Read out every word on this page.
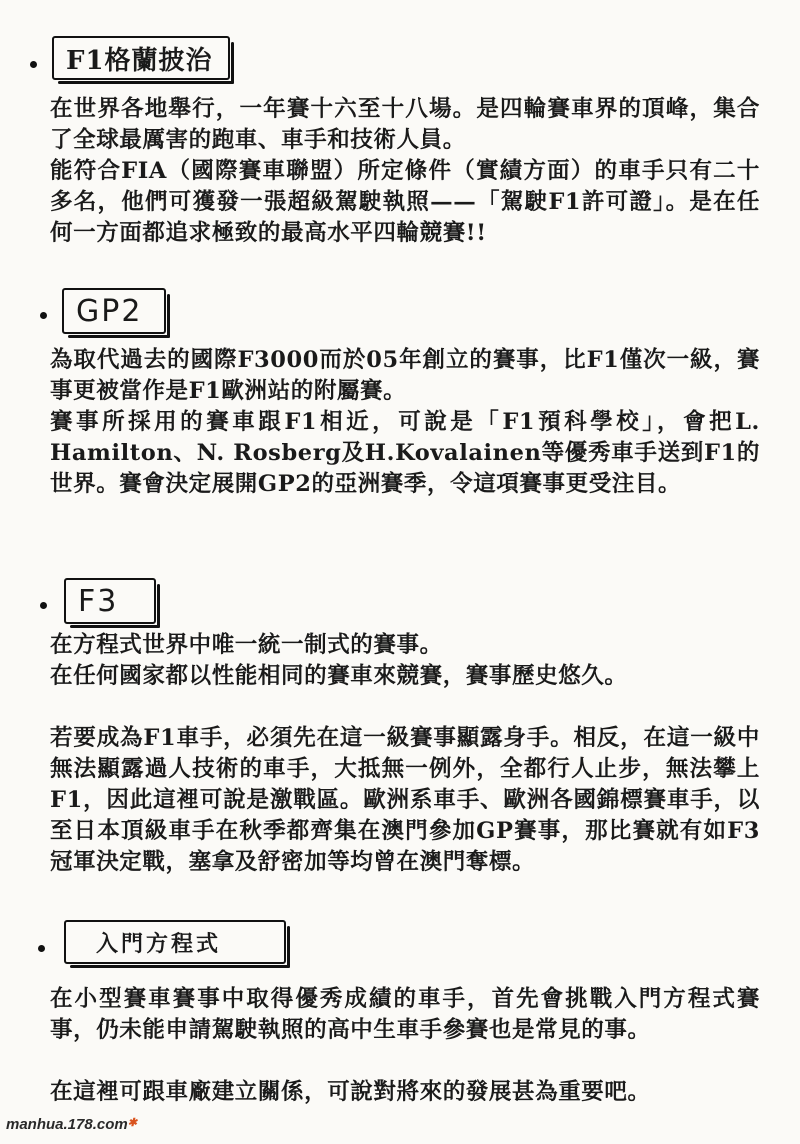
F1格蘭披治

在世界各地舉行，一年賽十六至十八場。是四輪賽車界的頂峰，集合了全球最厲害的跑車、車手和技術人員。

能符合FIA（國際賽車聯盟）所定條件（實績方面）的車手只有二十多名，他們可獲發一張超級駕駛執照——「駕駛F1許可證」。是在任何一方面都追求極致的最高水平四輪競賽!!

GP2

為取代過去的國際F3000而於05年創立的賽事，比F1僅次一級，賽事更被當作是F1歐洲站的附屬賽。

賽事所採用的賽車跟F1相近，可說是「F1預科學校」，會把L. Hamilton、N. Rosberg及H.Kovalainen等優秀車手送到F1的世界。賽會決定展開GP2的亞洲賽季，令這項賽事更受注目。

F3

在方程式世界中唯一統一制式的賽事。

在任何國家都以性能相同的賽車來競賽，賽事歷史悠久。

若要成為F1車手，必須先在這一級賽事顯露身手。相反，在這一級中無法顯露過人技術的車手，大抵無一例外，全都行人止步，無法攀上F1，因此這裡可說是激戰區。歐洲系車手、歐洲各國錦標賽車手，以至日本頂級車手在秋季都齊集在澳門參加GP賽事，那比賽就有如F3冠軍決定戰，塞拿及舒密加等均曾在澳門奪標。

入門方程式

在小型賽車賽事中取得優秀成績的車手，首先會挑戰入門方程式賽事，仍未能申請駕駛執照的高中生車手參賽也是常見的事。

在這裡可跟車廠建立關係，可說對將來的發展甚為重要吧。

manhua.178.com✱
